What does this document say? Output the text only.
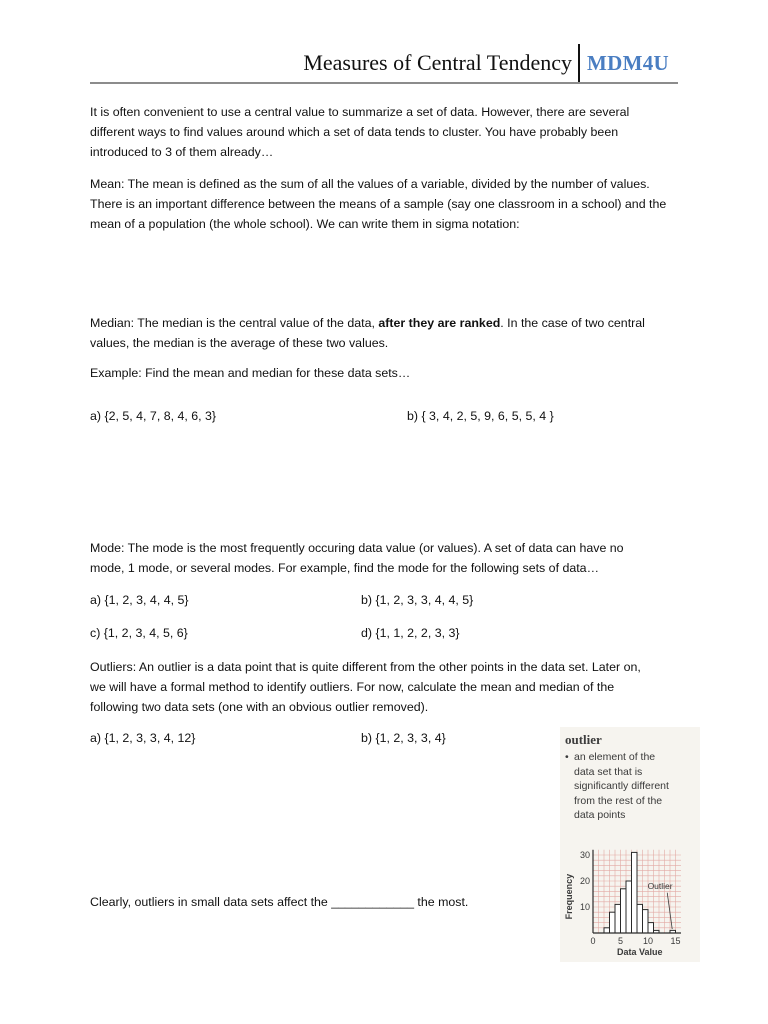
Measures of Central Tendency MDM4U
It is often convenient to use a central value to summarize a set of data. However, there are several
different ways to find values around which a set of data tends to cluster. You have probably been
introduced to 3 of them already…
Mean: The mean is defined as the sum of all the values of a variable, divided by the number of values.
There is an important difference between the means of a sample (say one classroom in a school) and the
mean of a population (the whole school). We can write them in sigma notation:
Median: The median is the central value of the data, after they are ranked. In the case of two central
values, the median is the average of these two values.
Example: Find the mean and median for these data sets…
a) {2, 5, 4, 7, 8, 4, 6, 3}	b) { 3, 4, 2, 5, 9, 6, 5, 5, 4 }
Mode: The mode is the most frequently occuring data value (or values). A set of data can have no
mode, 1 mode, or several modes. For example, find the mode for the following sets of data…
a) {1, 2, 3, 4, 4, 5}	b) {1, 2, 3, 3, 4, 4, 5}
c) {1, 2, 3, 4, 5, 6}	d) {1, 1, 2, 2, 3, 3}
Outliers: An outlier is a data point that is quite different from the other points in the data set. Later on,
we will have a formal method to identify outliers. For now, calculate the mean and median of the
following two data sets (one with an obvious outlier removed).
a) {1, 2, 3, 3, 4, 12}	b) {1, 2, 3, 3, 4}
Clearly, outliers in small data sets affect the ____________ the most.
outlier
• an element of the
data set that is
significantly different
from the rest of the
data points
10
20
30
0 5 10 15
Data Value
Frequency	Outlier
